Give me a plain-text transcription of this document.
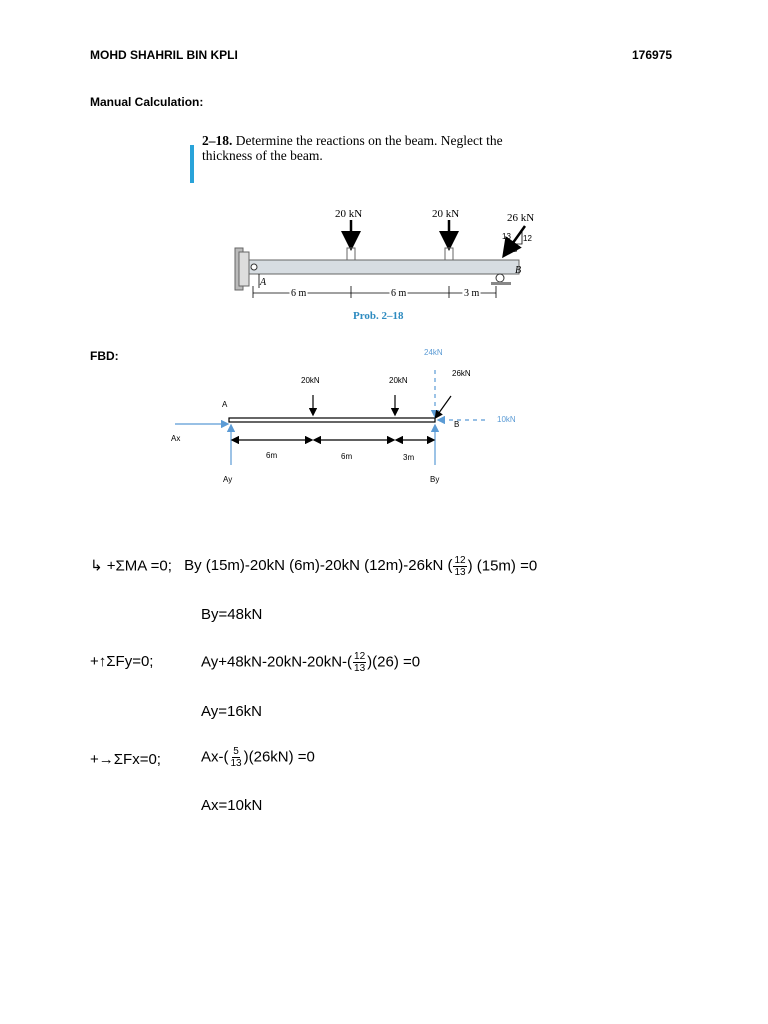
MOHD SHAHRIL BIN KPLI	176975
Manual Calculation:
2–18. Determine the reactions on the beam. Neglect the
thickness of the beam.
20 kN	20 kN	26 kN
13 12
5
A
B
6 m	6 m	3 m
Prob. 2–18
FBD:	24kN
26kN
20kN	20kN
10kN
A
B
Ax
Ay	By
6m	6m	3m
↳ +ΣMA =0; By (15m)-20kN (6m)-20kN (12m)-26kN ( $\frac{12}{13}$ ) (15m) =0
By=48kN
+↑ΣFy=0;	$Ay+48kN-20kN-20kN-( \frac{12}{13} )(26) =0$
Ay=16kN
+→ΣFx=0;	$Ax-( \frac{5}{13} )(26kN) =0$
Ax=10kN
